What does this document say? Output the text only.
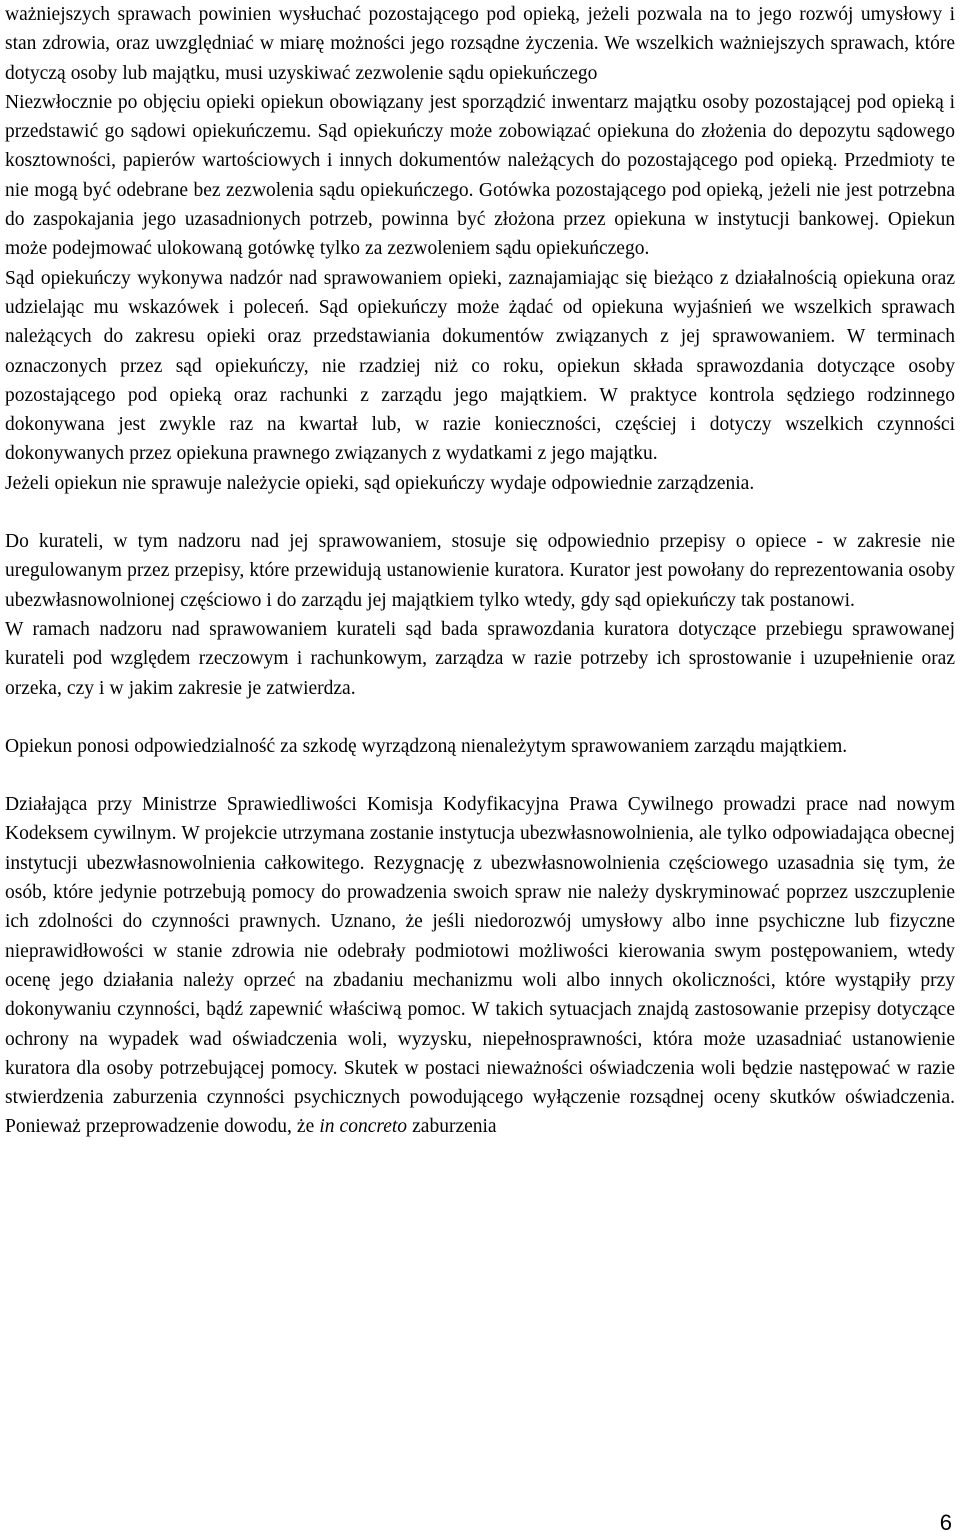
ważniejszych sprawach powinien wysłuchać pozostającego pod opieką, jeżeli pozwala na to jego rozwój umysłowy i stan zdrowia, oraz uwzględniać w miarę możności jego rozsądne życzenia. We wszelkich ważniejszych sprawach, które dotyczą osoby lub majątku, musi uzyskiwać zezwolenie sądu opiekuńczego

Niezwłocznie po objęciu opieki opiekun obowiązany jest sporządzić inwentarz majątku osoby pozostającej pod opieką i przedstawić go sądowi opiekuńczemu. Sąd opiekuńczy może zobowiązać opiekuna do złożenia do depozytu sądowego kosztowności, papierów wartościowych i innych dokumentów należących do pozostającego pod opieką. Przedmioty te nie mogą być odebrane bez zezwolenia sądu opiekuńczego. Gotówka pozostającego pod opieką, jeżeli nie jest potrzebna do zaspokajania jego uzasadnionych potrzeb, powinna być złożona przez opiekuna w instytucji bankowej. Opiekun może podejmować ulokowaną gotówkę tylko za zezwoleniem sądu opiekuńczego.

Sąd opiekuńczy wykonywa nadzór nad sprawowaniem opieki, zaznajamiając się bieżąco z działalnością opiekuna oraz udzielając mu wskazówek i poleceń. Sąd opiekuńczy może żądać od opiekuna wyjaśnień we wszelkich sprawach należących do zakresu opieki oraz przedstawiania dokumentów związanych z jej sprawowaniem. W terminach oznaczonych przez sąd opiekuńczy, nie rzadziej niż co roku, opiekun składa sprawozdania dotyczące osoby pozostającego pod opieką oraz rachunki z zarządu jego majątkiem. W praktyce kontrola sędziego rodzinnego dokonywana jest zwykle raz na kwartał lub, w razie konieczności, częściej i dotyczy wszelkich czynności dokonywanych przez opiekuna prawnego związanych z wydatkami z jego majątku.

Jeżeli opiekun nie sprawuje należycie opieki, sąd opiekuńczy wydaje odpowiednie zarządzenia.

Do kurateli, w tym nadzoru nad jej sprawowaniem, stosuje się odpowiednio przepisy o opiece - w zakresie nie uregulowanym przez przepisy, które przewidują ustanowienie kuratora. Kurator jest powołany do reprezentowania osoby ubezwłasnowolnionej częściowo i do zarządu jej majątkiem tylko wtedy, gdy sąd opiekuńczy tak postanowi.

W ramach nadzoru nad sprawowaniem kurateli sąd bada sprawozdania kuratora dotyczące przebiegu sprawowanej kurateli pod względem rzeczowym i rachunkowym, zarządza w razie potrzeby ich sprostowanie i uzupełnienie oraz orzeka, czy i w jakim zakresie je zatwierdza.

Opiekun ponosi odpowiedzialność za szkodę wyrządzoną nienależytym sprawowaniem zarządu majątkiem.

Działająca przy Ministrze Sprawiedliwości Komisja Kodyfikacyjna Prawa Cywilnego prowadzi prace nad nowym Kodeksem cywilnym. W projekcie utrzymana zostanie instytucja ubezwłasnowolnienia, ale tylko odpowiadająca obecnej instytucji ubezwłasnowolnienia całkowitego. Rezygnację z ubezwłasnowolnienia częściowego uzasadnia się tym, że osób, które jedynie potrzebują pomocy do prowadzenia swoich spraw nie należy dyskryminować poprzez uszczuplenie ich zdolności do czynności prawnych. Uznano, że jeśli niedorozwój umysłowy albo inne psychiczne lub fizyczne nieprawidłowości w stanie zdrowia nie odebrały podmiotowi możliwości kierowania swym postępowaniem, wtedy ocenę jego działania należy oprzeć na zbadaniu mechanizmu woli albo innych okoliczności, które wystąpiły przy dokonywaniu czynności, bądź zapewnić właściwą pomoc. W takich sytuacjach znajdą zastosowanie przepisy dotyczące ochrony na wypadek wad oświadczenia woli, wyzysku, niepełnosprawności, która może uzasadniać ustanowienie kuratora dla osoby potrzebującej pomocy. Skutek w postaci nieważności oświadczenia woli będzie następować w razie stwierdzenia zaburzenia czynności psychicznych powodującego wyłączenie rozsądnej oceny skutków oświadczenia. Ponieważ przeprowadzenie dowodu, że in concreto zaburzenia

6
